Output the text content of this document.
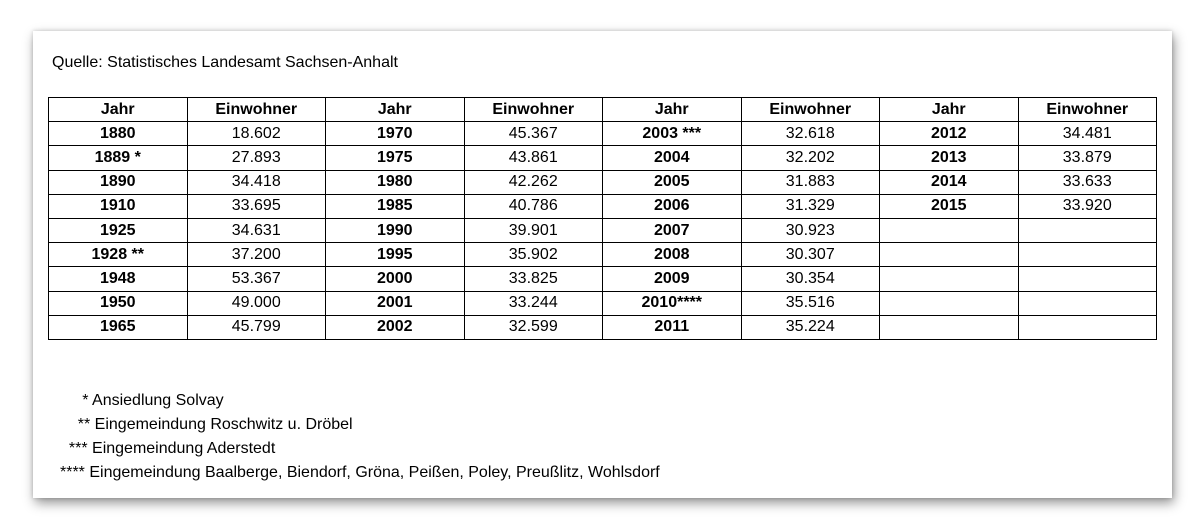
Quelle: Statistisches Landesamt Sachsen-Anhalt
Jahr	Einwohner	Jahr	Einwohner	Jahr	Einwohner	Jahr	Einwohner
1880	18.602	1970	45.367	2003 ***	32.618	2012	34.481
1889 *	27.893	1975	43.861	2004	32.202	2013	33.879
1890	34.418	1980	42.262	2005	31.883	2014	33.633
1910	33.695	1985	40.786	2006	31.329	2015	33.920
1925	34.631	1990	39.901	2007	30.923		
1928 **	37.200	1995	35.902	2008	30.307		
1948	53.367	2000	33.825	2009	30.354		
1950	49.000	2001	33.244	2010****	35.516		
1965	45.799	2002	32.599	2011	35.224		
* Ansiedlung Solvay
** Eingemeindung Roschwitz u. Dröbel
*** Eingemeindung Aderstedt
**** Eingemeindung Baalberge, Biendorf, Gröna, Peißen, Poley, Preußlitz, Wohlsdorf
